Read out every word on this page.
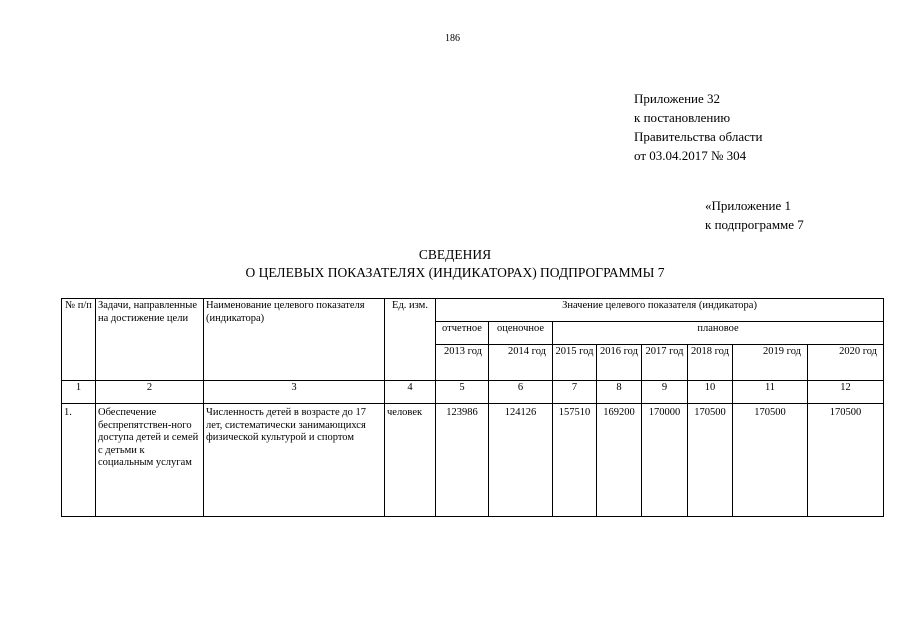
186
Приложение 32
к постановлению
Правительства области
от 03.04.2017 № 304
«Приложение 1
к подпрограмме 7
СВЕДЕНИЯ
О ЦЕЛЕВЫХ ПОКАЗАТЕЛЯХ (ИНДИКАТОРАХ) ПОДПРОГРАММЫ 7
№ п/п	Задачи, направленные на достижение цели	Наименование целевого показателя (индикатора)	Ед. изм.	Значение целевого показателя (индикатора)							
				отчетное	оценочное	плановое					
				2013 год	2014 год	2015 год	2016 год	2017 год	2018 год	2019 год	2020 год
1	2	3	4	5	6	7	8	9	10	11	12
1.	Обеспечение беспрепятствен-ного доступа детей и семей с детьми к социальным услугам	Численность детей в возрасте до 17 лет, систематически занимающихся физической культурой и спортом	человек	123986	124126	157510	169200	170000	170500	170500	170500
